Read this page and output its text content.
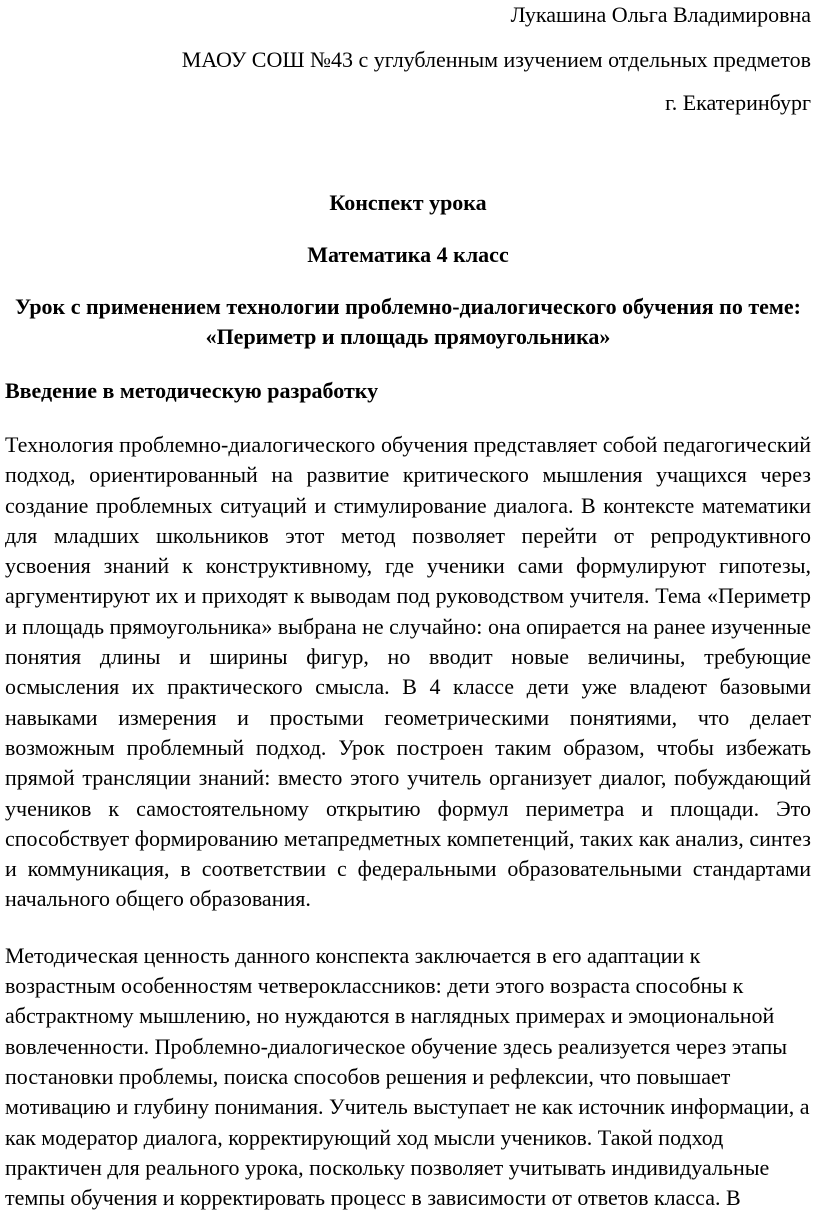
Лукашина Ольга Владимировна

МАОУ СОШ №43 с углубленным изучением отдельных предметов

г. Екатеринбург

Конспект урока

Математика 4 класс

Урок с применением технологии проблемно-диалогического обучения по теме: «Периметр и площадь прямоугольника»

Введение в методическую разработку

Технология проблемно-диалогического обучения представляет собой педагогический подход, ориентированный на развитие критического мышления учащихся через создание проблемных ситуаций и стимулирование диалога. В контексте математики для младших школьников этот метод позволяет перейти от репродуктивного усвоения знаний к конструктивному, где ученики сами формулируют гипотезы, аргументируют их и приходят к выводам под руководством учителя. Тема «Периметр и площадь прямоугольника» выбрана не случайно: она опирается на ранее изученные понятия длины и ширины фигур, но вводит новые величины, требующие осмысления их практического смысла. В 4 классе дети уже владеют базовыми навыками измерения и простыми геометрическими понятиями, что делает возможным проблемный подход. Урок построен таким образом, чтобы избежать прямой трансляции знаний: вместо этого учитель организует диалог, побуждающий учеников к самостоятельному открытию формул периметра и площади. Это способствует формированию метапредметных компетенций, таких как анализ, синтез и коммуникация, в соответствии с федеральными образовательными стандартами начального общего образования.

Методическая ценность данного конспекта заключается в его адаптации к возрастным особенностям четвероклассников: дети этого возраста способны к абстрактному мышлению, но нуждаются в наглядных примерах и эмоциональной вовлеченности. Проблемно-диалогическое обучение здесь реализуется через этапы постановки проблемы, поиска способов решения и рефлексии, что повышает мотивацию и глубину понимания. Учитель выступает не как источник информации, а как модератор диалога, корректирующий ход мысли учеников. Такой подход практичен для реального урока, поскольку позволяет учитывать индивидуальные темпы обучения и корректировать процесс в зависимости от ответов класса. В
